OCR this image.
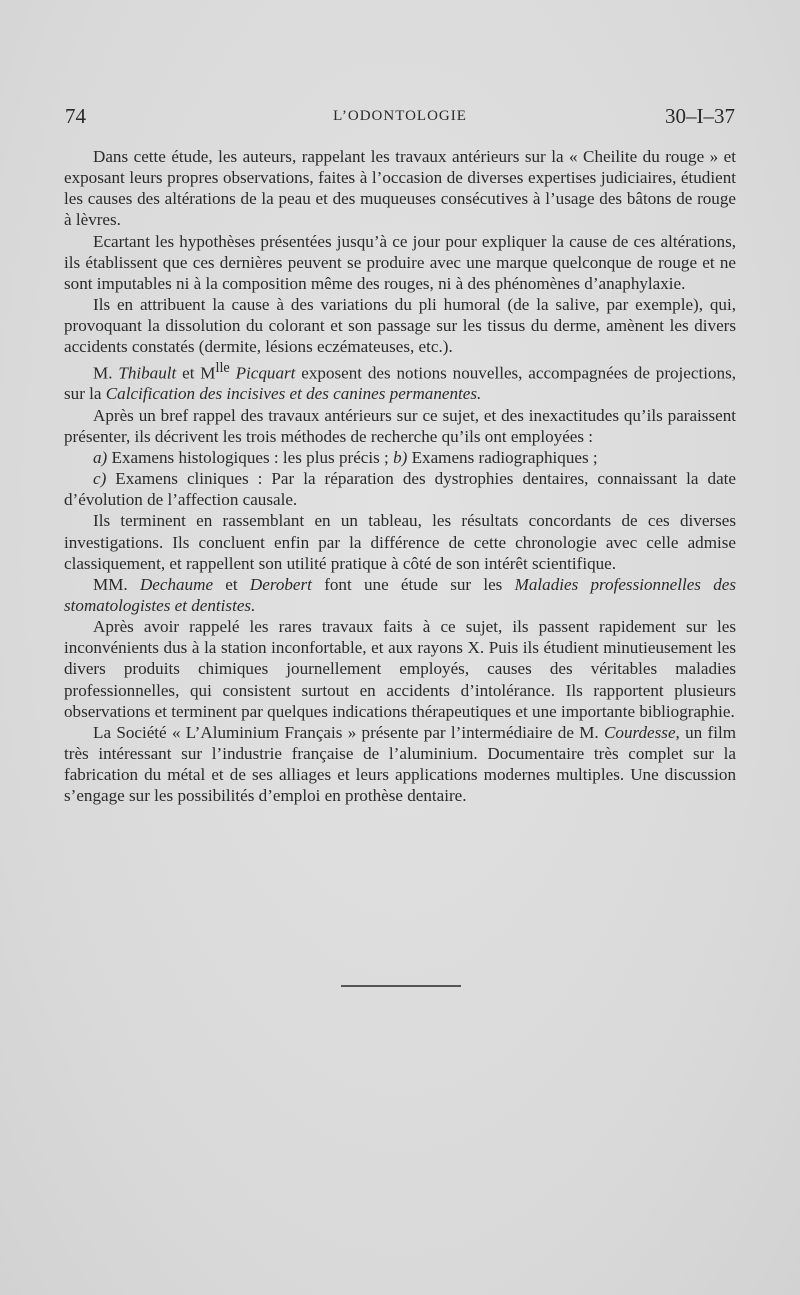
74	L’ODONTOLOGIE	30–I–37

Dans cette étude, les auteurs, rappelant les travaux antérieurs sur la « Cheilite du rouge » et exposant leurs propres observations, faites à l’occasion de diverses expertises judiciaires, étudient les causes des altérations de la peau et des muqueuses consécutives à l’usage des bâtons de rouge à lèvres.

Ecartant les hypothèses présentées jusqu’à ce jour pour expliquer la cause de ces altérations, ils établissent que ces dernières peuvent se produire avec une marque quelconque de rouge et ne sont imputables ni à la composition même des rouges, ni à des phénomènes d’anaphylaxie.

Ils en attribuent la cause à des variations du pli humoral (de la salive, par exemple), qui, provoquant la dissolution du colorant et son passage sur les tissus du derme, amènent les divers accidents constatés (dermite, lésions eczémateuses, etc.).

M. Thibault et $M^{lle}$ Picquart exposent des notions nouvelles, accompagnées de projections, sur la Calcification des incisives et des canines permanentes.

Après un bref rappel des travaux antérieurs sur ce sujet, et des inexactitudes qu’ils paraissent présenter, ils décrivent les trois méthodes de recherche qu’ils ont employées :

a) Examens histologiques : les plus précis ; b) Examens radiographiques ;

c) Examens cliniques : Par la réparation des dystrophies dentaires, connaissant la date d’évolution de l’affection causale.

Ils terminent en rassemblant en un tableau, les résultats concordants de ces diverses investigations. Ils concluent enfin par la différence de cette chronologie avec celle admise classiquement, et rappellent son utilité pratique à côté de son intérêt scientifique.

MM. Dechaume et Derobert font une étude sur les Maladies professionnelles des stomatologistes et dentistes.

Après avoir rappelé les rares travaux faits à ce sujet, ils passent rapidement sur les inconvénients dus à la station inconfortable, et aux rayons X. Puis ils étudient minutieusement les divers produits chimiques journellement employés, causes des véritables maladies professionnelles, qui consistent surtout en accidents d’intolérance. Ils rapportent plusieurs observations et terminent par quelques indications thérapeutiques et une importante bibliographie.

La Société « L’Aluminium Français » présente par l’intermédiaire de M. Courdesse, un film très intéressant sur l’industrie française de l’aluminium. Documentaire très complet sur la fabrication du métal et de ses alliages et leurs applications modernes multiples. Une discussion s’engage sur les possibilités d’emploi en prothèse dentaire.
